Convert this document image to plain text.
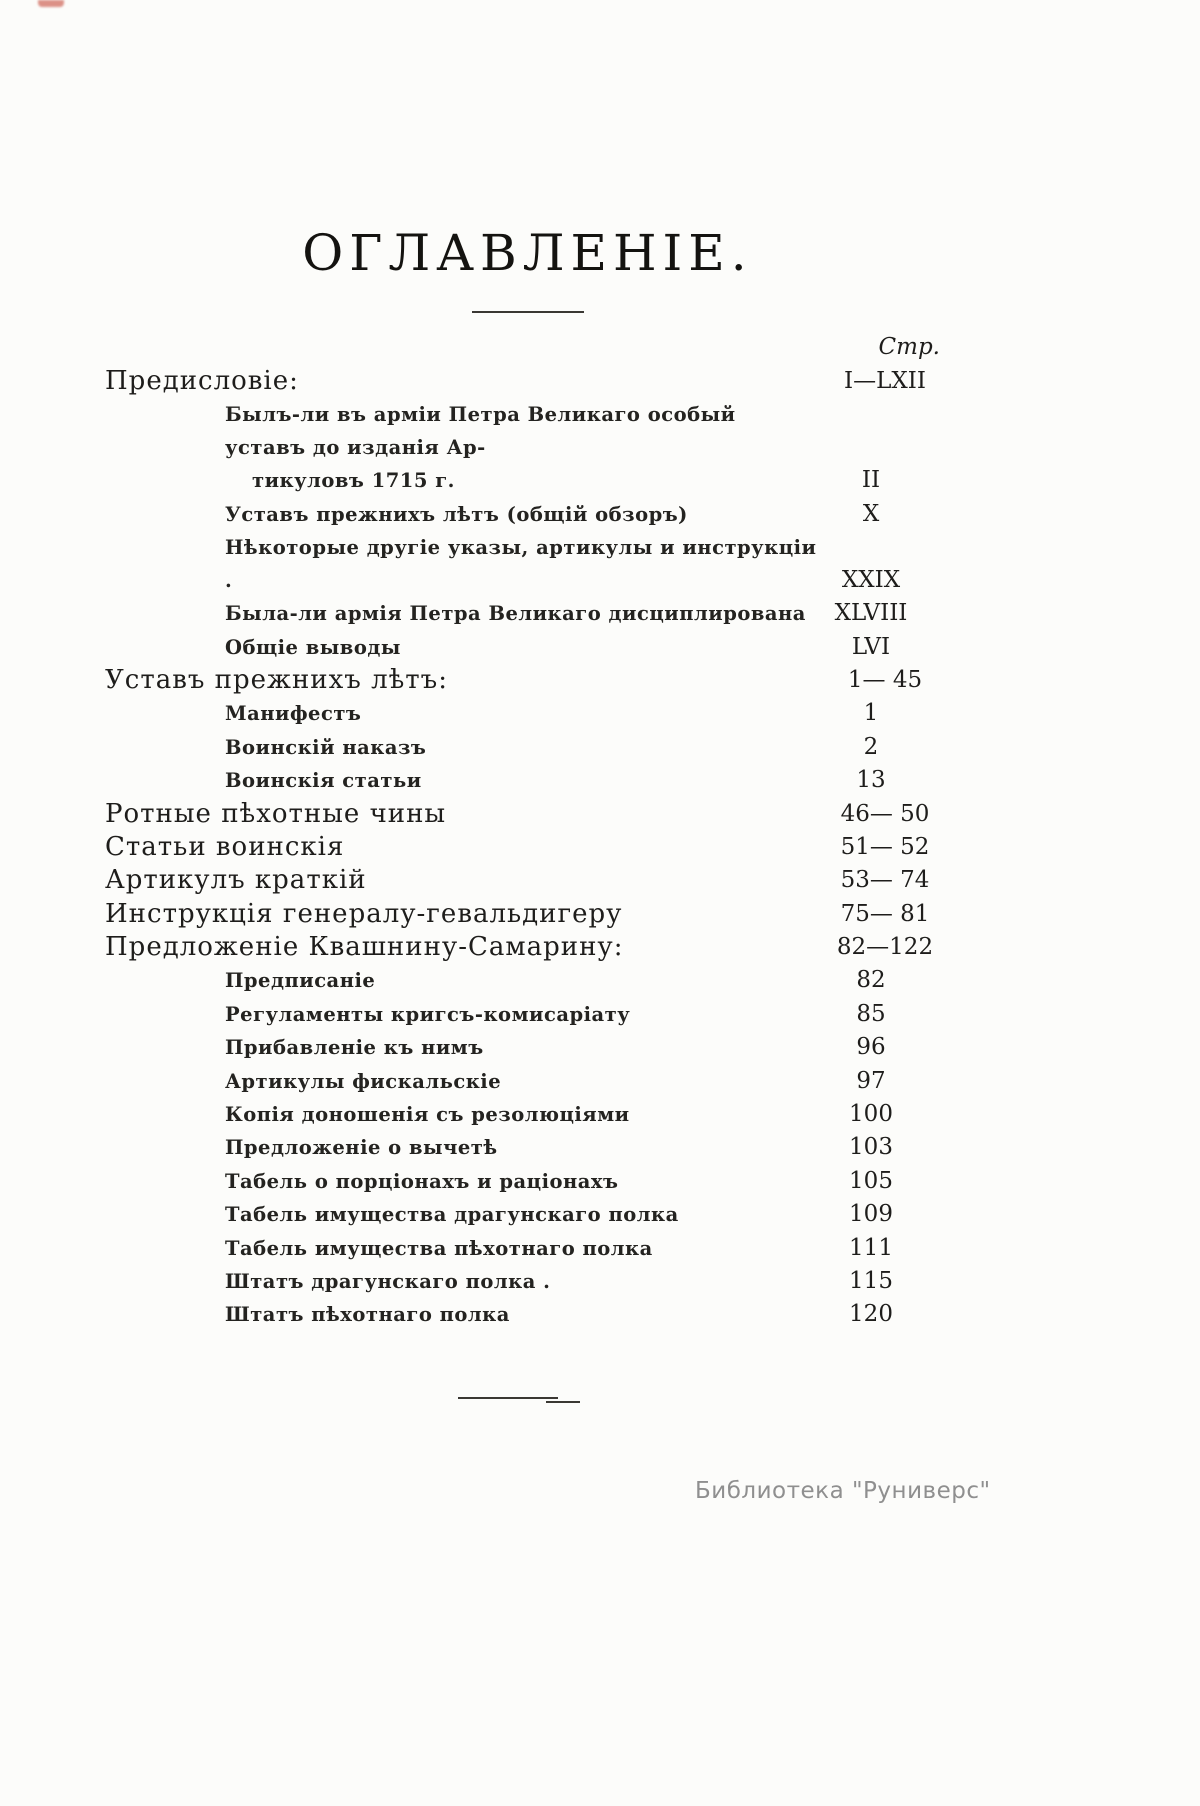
ОГЛАВЛЕНІЕ.
Стр.
Предисловіе:	I—LXII
Былъ-ли въ арміи Петра Великаго особый уставъ до изданія Ар-
тикуловъ 1715 г.	II
Уставъ прежнихъ лѣтъ (общій обзоръ)	X
Нѣкоторые другіе указы, артикулы и инструкціи .	XXIX
Была-ли армія Петра Великаго дисциплирована	XLVIII
Общіе выводы	LVI
Уставъ прежнихъ лѣтъ:	1— 45
Манифестъ	1
Воинскій наказъ	2
Воинскія статьи	13
Ротные пѣхотные чины	46— 50
Статьи воинскія	51— 52
Артикулъ краткій	53— 74
Инструкція генералу-гевальдигеру	75— 81
Предложеніе Квашнину-Самарину:	82—122
Предписаніе	82
Регуламенты кригсъ-комисаріату	85
Прибавленіе къ нимъ	96
Артикулы фискальскіе	97
Копія доношенія съ резолюціями	100
Предложеніе о вычетѣ	103
Табель о порціонахъ и раціонахъ	105
Табель имущества драгунскаго полка	109
Табель имущества пѣхотнаго полка	111
Штатъ драгунскаго полка .	115
Штатъ пѣхотнаго полка	120
Библиотека "Руниверс"
